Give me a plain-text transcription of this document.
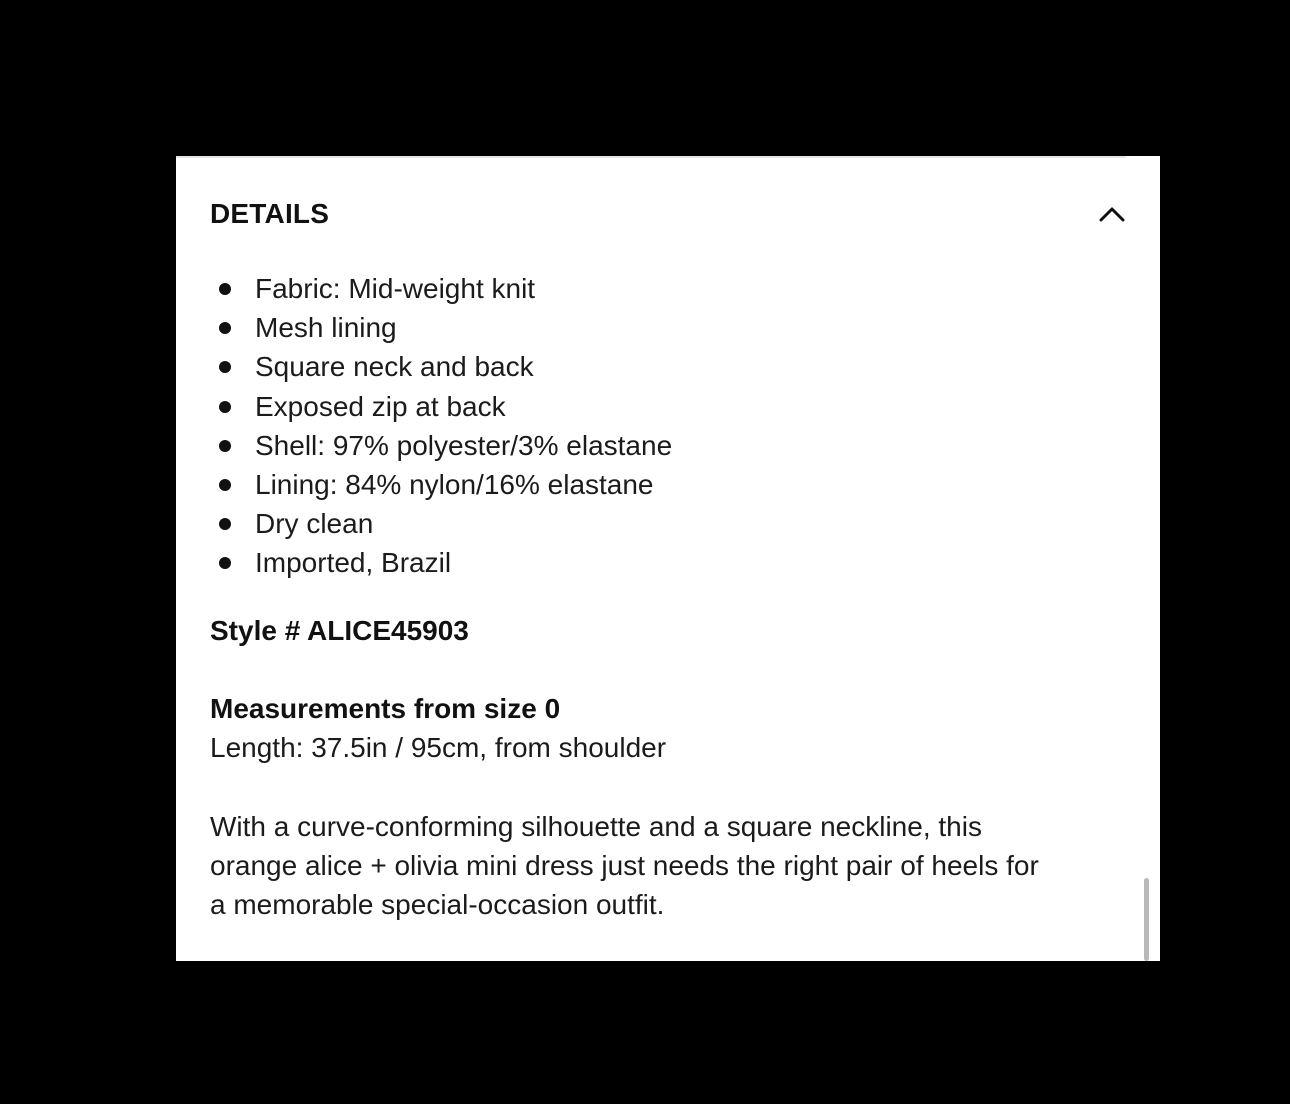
DETAILS
Fabric: Mid-weight knit
Mesh lining
Square neck and back
Exposed zip at back
Shell: 97% polyester/3% elastane
Lining: 84% nylon/16% elastane
Dry clean
Imported, Brazil
Style # ALICE45903
Measurements from size 0
Length: 37.5in / 95cm, from shoulder
With a curve-conforming silhouette and a square neckline, this
orange alice + olivia mini dress just needs the right pair of heels for
a memorable special-occasion outfit.
